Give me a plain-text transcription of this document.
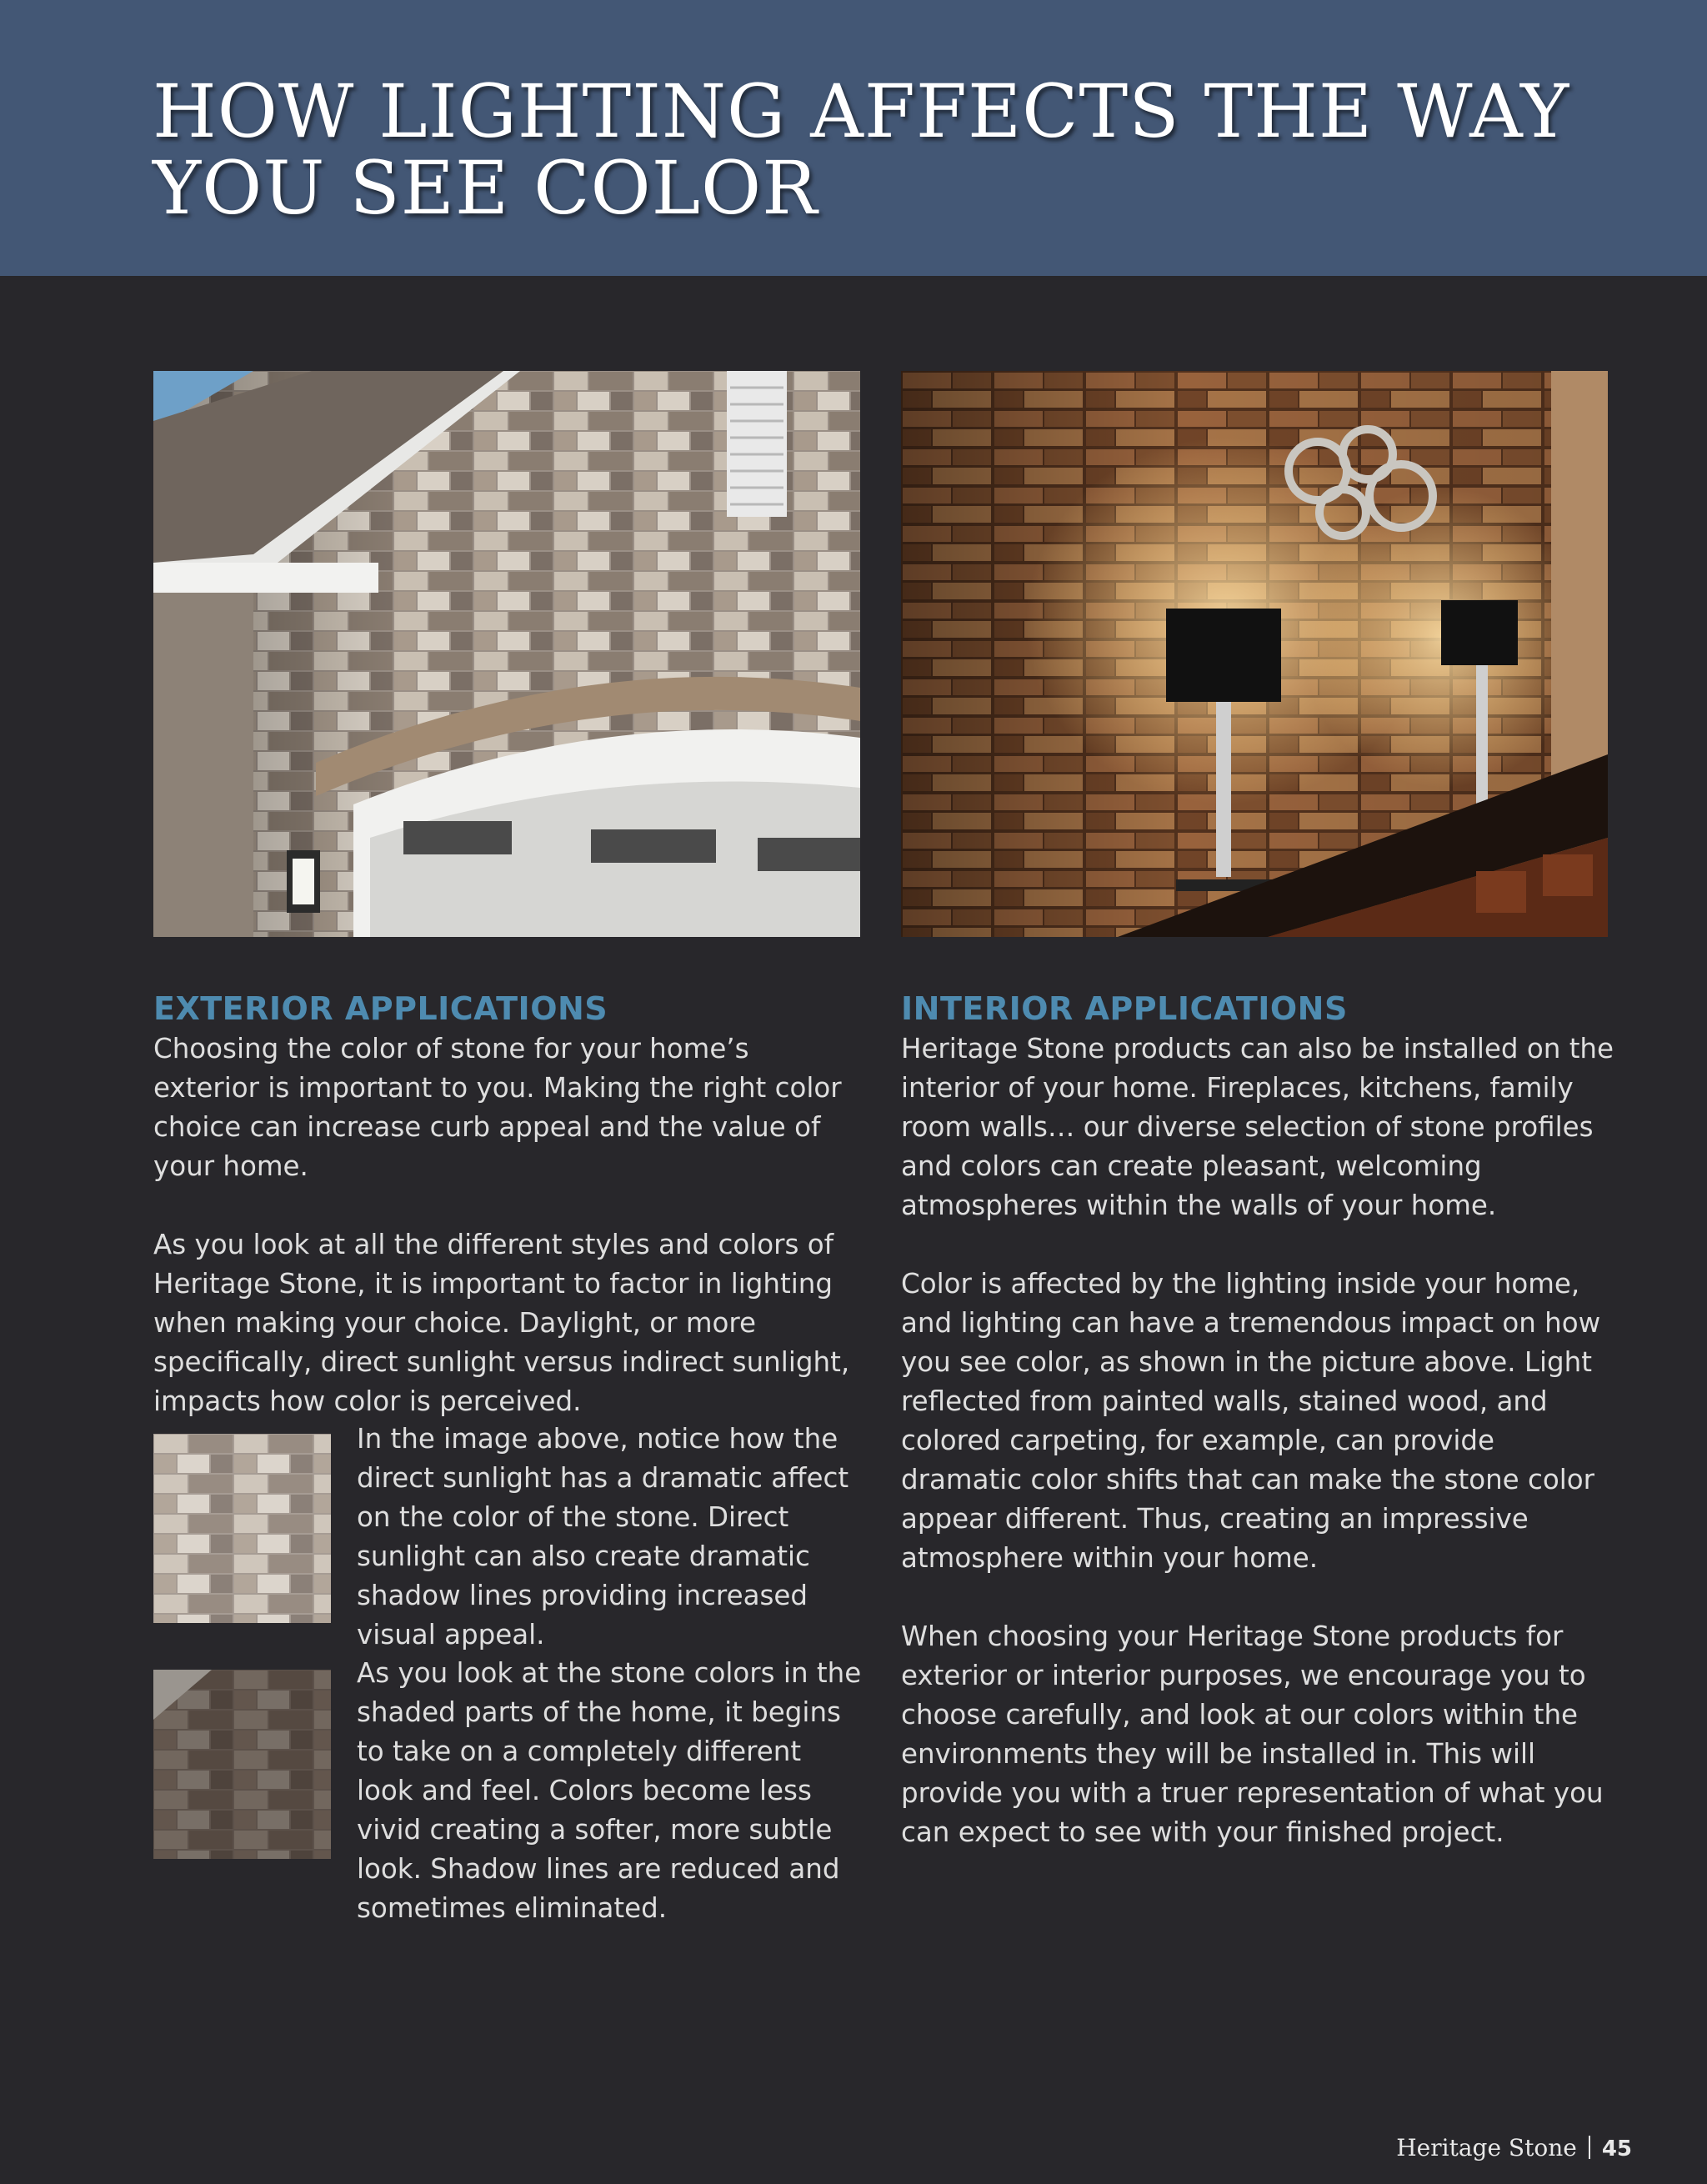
HOW LIGHTING AFFECTS THE WAY YOU SEE COLOR
EXTERIOR APPLICATIONS

Choosing the color of stone for your home’s exterior is important to you. Making the right color choice can increase curb appeal and the value of your home.

As you look at all the different styles and colors of Heritage Stone, it is important to factor in lighting when making your choice. Daylight, or more specifically, direct sunlight versus indirect sunlight, impacts how color is perceived.

In the image above, notice how the direct sunlight has a dramatic affect on the color of the stone. Direct sunlight can also create dramatic shadow lines providing increased visual appeal.
As you look at the stone colors in the shaded parts of the home, it begins to take on a completely different look and feel. Colors become less vivid creating a softer, more subtle look. Shadow lines are reduced and sometimes eliminated.
INTERIOR APPLICATIONS

Heritage Stone products can also be installed on the interior of your home. Fireplaces, kitchens, family room walls… our diverse selection of stone profiles and colors can create pleasant, welcoming atmospheres within the walls of your home.

Color is affected by the lighting inside your home, and lighting can have a tremendous impact on how you see color, as shown in the picture above. Light reflected from painted walls, stained wood, and colored carpeting, for example, can provide dramatic color shifts that can make the stone color appear different. Thus, creating an impressive atmosphere within your home.

When choosing your Heritage Stone products for exterior or interior purposes, we encourage you to choose carefully, and look at our colors within the environments they will be installed in. This will provide you with a truer representation of what you can expect to see with your finished project.

Heritage Stone 45
